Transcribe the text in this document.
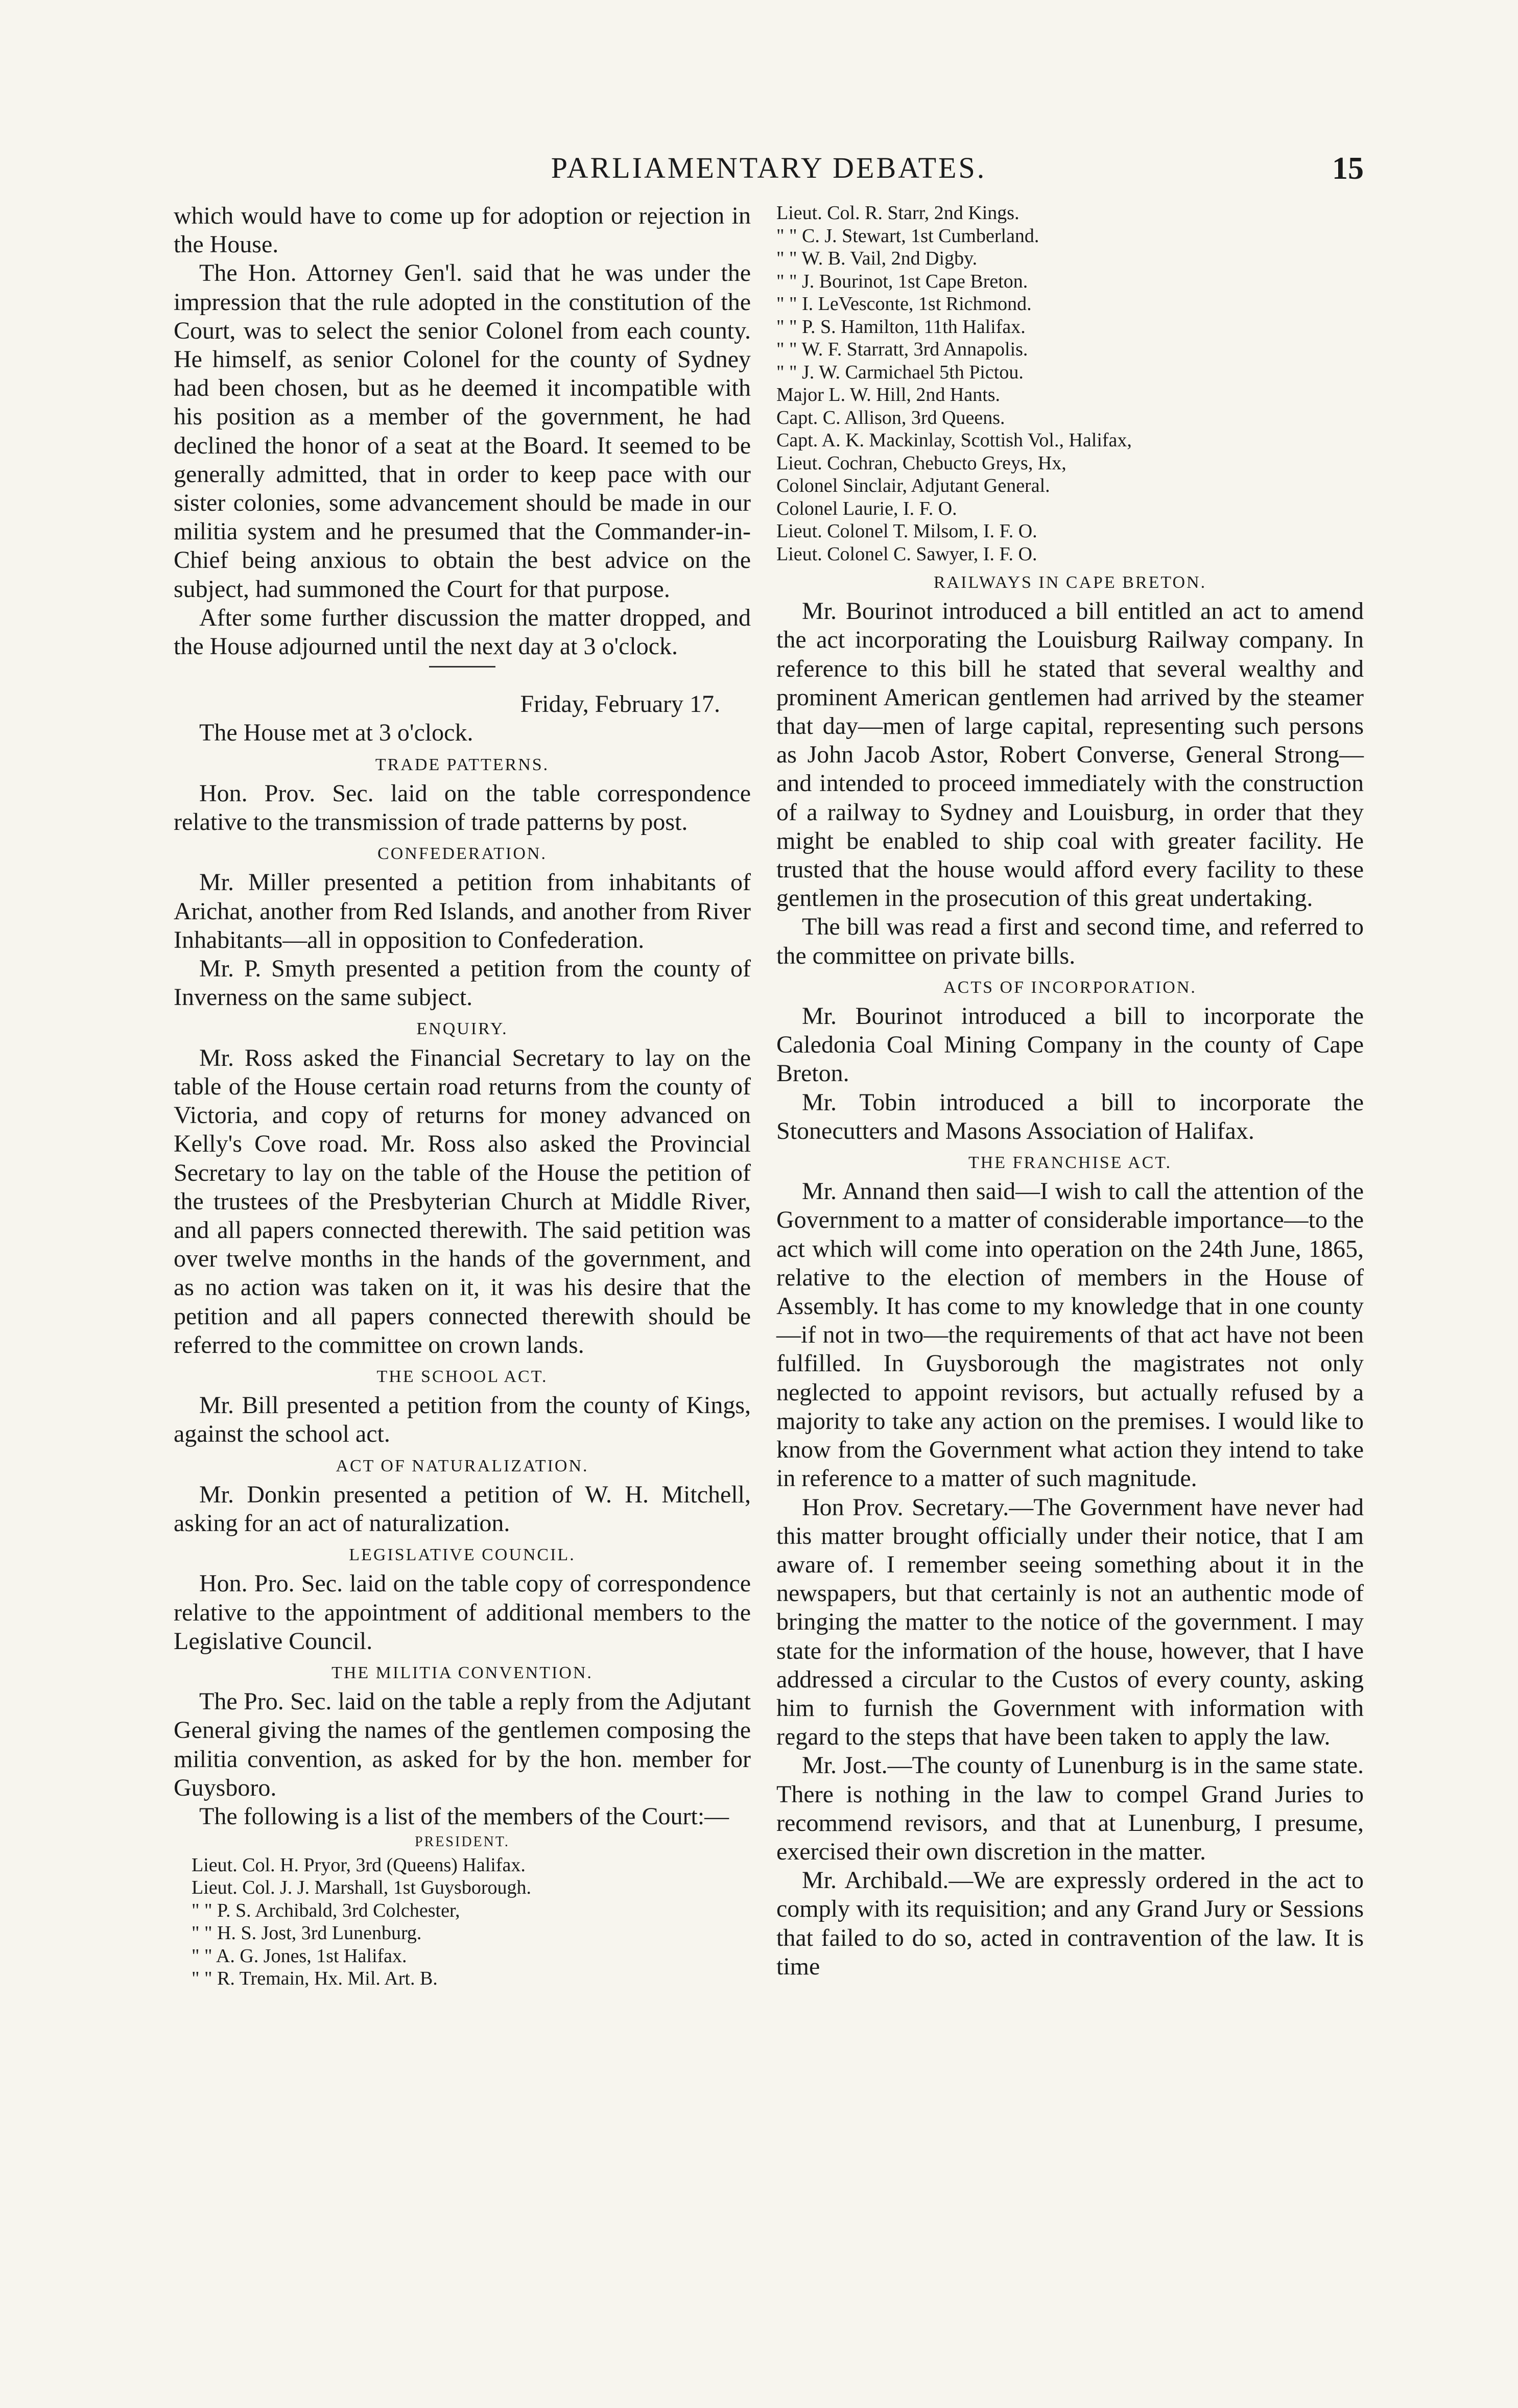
PARLIAMENTARY DEBATES.	15

which would have to come up for adoption or rejection in the House.

The Hon. Attorney Gen'l. said that he was under the impression that the rule adopted in the constitution of the Court, was to select the senior Colonel from each county. He himself, as senior Colonel for the county of Sydney had been chosen, but as he deemed it incompatible with his position as a member of the government, he had declined the honor of a seat at the Board. It seemed to be generally admitted, that in order to keep pace with our sister colonies, some advancement should be made in our militia system and he presumed that the Commander-in-Chief being anxious to obtain the best advice on the subject, had summoned the Court for that purpose.

After some further discussion the matter dropped, and the House adjourned until the next day at 3 o'clock.

Friday, February 17.

The House met at 3 o'clock.

TRADE PATTERNS.

Hon. Prov. Sec. laid on the table correspondence relative to the transmission of trade patterns by post.

CONFEDERATION.

Mr. Miller presented a petition from inhabitants of Arichat, another from Red Islands, and another from River Inhabitants—all in opposition to Confederation.

Mr. P. Smyth presented a petition from the county of Inverness on the same subject.

ENQUIRY.

Mr. Ross asked the Financial Secretary to lay on the table of the House certain road returns from the county of Victoria, and copy of returns for money advanced on Kelly's Cove road. Mr. Ross also asked the Provincial Secretary to lay on the table of the House the petition of the trustees of the Presbyterian Church at Middle River, and all papers connected therewith. The said petition was over twelve months in the hands of the government, and as no action was taken on it, it was his desire that the petition and all papers connected therewith should be referred to the committee on crown lands.

THE SCHOOL ACT.

Mr. Bill presented a petition from the county of Kings, against the school act.

ACT OF NATURALIZATION.

Mr. Donkin presented a petition of W. H. Mitchell, asking for an act of naturalization.

LEGISLATIVE COUNCIL.

Hon. Pro. Sec. laid on the table copy of correspondence relative to the appointment of additional members to the Legislative Council.

THE MILITIA CONVENTION.

The Pro. Sec. laid on the table a reply from the Adjutant General giving the names of the gentlemen composing the militia convention, as asked for by the hon. member for Guysboro.

The following is a list of the members of the Court:—

PRESIDENT.
Lieut. Col. H. Pryor, 3rd (Queens) Halifax.
Lieut. Col. J. J. Marshall, 1st Guysborough.
" " P. S. Archibald, 3rd Colchester,
" " H. S. Jost, 3rd Lunenburg.
" " A. G. Jones, 1st Halifax.
" " R. Tremain, Hx. Mil. Art. B.
Lieut. Col. R. Starr, 2nd Kings.
" " C. J. Stewart, 1st Cumberland.
" " W. B. Vail, 2nd Digby.
" " J. Bourinot, 1st Cape Breton.
" " I. LeVesconte, 1st Richmond.
" " P. S. Hamilton, 11th Halifax.
" " W. F. Starratt, 3rd Annapolis.
" " J. W. Carmichael 5th Pictou.
Major L. W. Hill, 2nd Hants.
Capt. C. Allison, 3rd Queens.
Capt. A. K. Mackinlay, Scottish Vol., Halifax,
Lieut. Cochran, Chebucto Greys, Hx,
Colonel Sinclair, Adjutant General.
Colonel Laurie, I. F. O.
Lieut. Colonel T. Milsom, I. F. O.
Lieut. Colonel C. Sawyer, I. F. O.

RAILWAYS IN CAPE BRETON.

Mr. Bourinot introduced a bill entitled an act to amend the act incorporating the Louisburg Railway company. In reference to this bill he stated that several wealthy and prominent American gentlemen had arrived by the steamer that day—men of large capital, representing such persons as John Jacob Astor, Robert Converse, General Strong—and intended to proceed immediately with the construction of a railway to Sydney and Louisburg, in order that they might be enabled to ship coal with greater facility. He trusted that the house would afford every facility to these gentlemen in the prosecution of this great undertaking.

The bill was read a first and second time, and referred to the committee on private bills.

ACTS OF INCORPORATION.

Mr. Bourinot introduced a bill to incorporate the Caledonia Coal Mining Company in the county of Cape Breton.

Mr. Tobin introduced a bill to incorporate the Stonecutters and Masons Association of Halifax.

THE FRANCHISE ACT.

Mr. Annand then said—I wish to call the attention of the Government to a matter of considerable importance—to the act which will come into operation on the 24th June, 1865, relative to the election of members in the House of Assembly. It has come to my knowledge that in one county—if not in two—the requirements of that act have not been fulfilled. In Guysborough the magistrates not only neglected to appoint revisors, but actually refused by a majority to take any action on the premises. I would like to know from the Government what action they intend to take in reference to a matter of such magnitude.

Hon Prov. Secretary.—The Government have never had this matter brought officially under their notice, that I am aware of. I remember seeing something about it in the newspapers, but that certainly is not an authentic mode of bringing the matter to the notice of the government. I may state for the information of the house, however, that I have addressed a circular to the Custos of every county, asking him to furnish the Government with information with regard to the steps that have been taken to apply the law.

Mr. Jost.—The county of Lunenburg is in the same state. There is nothing in the law to compel Grand Juries to recommend revisors, and that at Lunenburg, I presume, exercised their own discretion in the matter.

Mr. Archibald.—We are expressly ordered in the act to comply with its requisition; and any Grand Jury or Sessions that failed to do so, acted in contravention of the law. It is time
